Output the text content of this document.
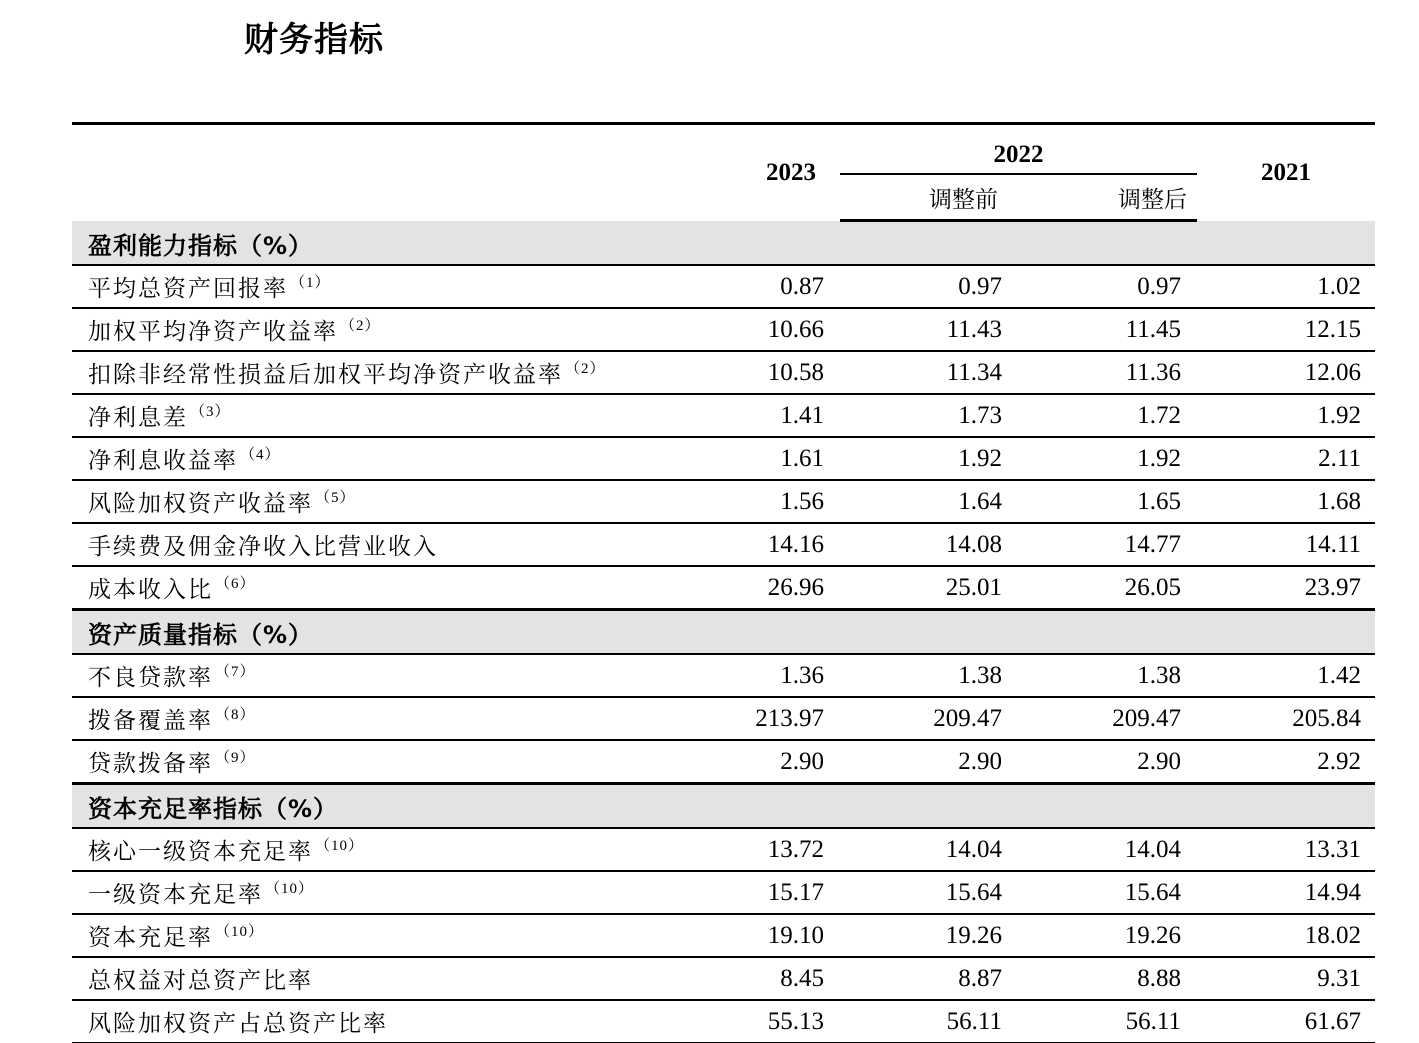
财务指标
	2023	2022		2021
		调整前	调整后	
盈利能力指标（%）				
平均总资产回报率 $^{(1)}$	0.87	0.97	0.97	1.02
加权平均净资产收益率 $^{(2)}$	10.66	11.43	11.45	12.15
扣除非经常性损益后加权平均净资产收益率 $^{(2)}$	10.58	11.34	11.36	12.06
净利息差 $^{(3)}$	1.41	1.73	1.72	1.92
净利息收益率 $^{(4)}$	1.61	1.92	1.92	2.11
风险加权资产收益率 $^{(5)}$	1.56	1.64	1.65	1.68
手续费及佣金净收入比营业收入	14.16	14.08	14.77	14.11
成本收入比 $^{(6)}$	26.96	25.01	26.05	23.97
资产质量指标（%）				
不良贷款率 $^{(7)}$	1.36	1.38	1.38	1.42
拨备覆盖率 $^{(8)}$	213.97	209.47	209.47	205.84
贷款拨备率 $^{(9)}$	2.90	2.90	2.90	2.92
资本充足率指标（%）				
核心一级资本充足率 $^{(10)}$	13.72	14.04	14.04	13.31
一级资本充足率 $^{(10)}$	15.17	15.64	15.64	14.94
资本充足率 $^{(10)}$	19.10	19.26	19.26	18.02
总权益对总资产比率	8.45	8.87	8.88	9.31
风险加权资产占总资产比率	55.13	56.11	56.11	61.67
